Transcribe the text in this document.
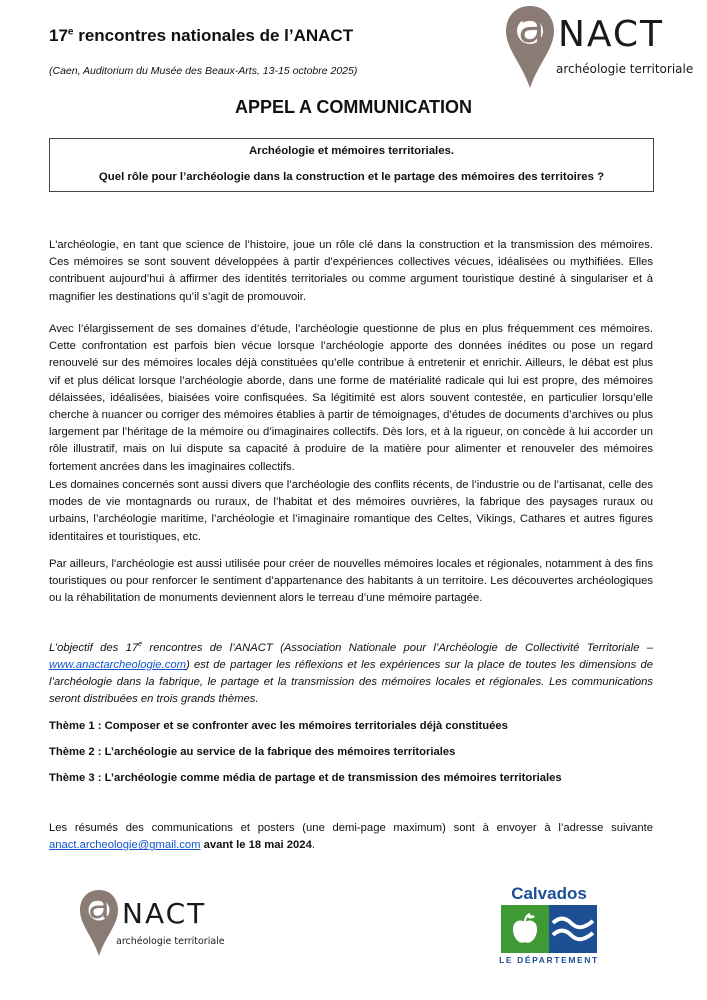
17e rencontres nationales de l’ANACT
(Caen, Auditorium du Musée des Beaux-Arts, 13-15 octobre 2025)
a NACT
archéologie territoriale
APPEL A COMMUNICATION
Archéologie et mémoires territoriales.
Quel rôle pour l’archéologie dans la construction et le partage des mémoires des territoires ?

L'archéologie, en tant que science de l’histoire, joue un rôle clé dans la construction et la transmission des mémoires. Ces mémoires se sont souvent développées à partir d'expériences collectives vécues, idéalisées ou mythifiées. Elles contribuent aujourd’hui à affirmer des identités territoriales ou comme argument touristique destiné à singulariser et à magnifier les destinations qu’il s’agit de promouvoir.

Avec l’élargissement de ses domaines d’étude, l’archéologie questionne de plus en plus fréquemment ces mémoires. Cette confrontation est parfois bien vécue lorsque l’archéologie apporte des données inédites ou pose un regard renouvelé sur des mémoires locales déjà constituées qu’elle contribue à entretenir et enrichir. Ailleurs, le débat est plus vif et plus délicat lorsque l’archéologie aborde, dans une forme de matérialité radicale qui lui est propre, des mémoires délaissées, idéalisées, biaisées voire confisquées. Sa légitimité est alors souvent contestée, en particulier lorsqu’elle cherche à nuancer ou corriger des mémoires établies à partir de témoignages, d’études de documents d’archives ou plus largement par l’héritage de la mémoire ou d’imaginaires collectifs. Dès lors, et à la rigueur, on concède à lui accorder un rôle illustratif, mais on lui dispute sa capacité à produire de la matière pour alimenter et renouveler des mémoires fortement ancrées dans les imaginaires collectifs.

Les domaines concernés sont aussi divers que l’archéologie des conflits récents, de l’industrie ou de l’artisanat, celle des modes de vie montagnards ou ruraux, de l’habitat et des mémoires ouvrières, la fabrique des paysages ruraux ou urbains, l’archéologie maritime, l’archéologie et l’imaginaire romantique des Celtes, Vikings, Cathares et autres figures identitaires et touristiques, etc.

Par ailleurs, l'archéologie est aussi utilisée pour créer de nouvelles mémoires locales et régionales, notamment à des fins touristiques ou pour renforcer le sentiment d’appartenance des habitants à un territoire. Les découvertes archéologiques ou la réhabilitation de monuments deviennent alors le terreau d’une mémoire partagée.

L’objectif des 17e rencontres de l’ANACT (Association Nationale pour l’Archéologie de Collectivité Territoriale – www.anactarcheologie.com) est de partager les réflexions et les expériences sur la place de toutes les dimensions de l’archéologie dans la fabrique, le partage et la transmission des mémoires locales et régionales. Les communications seront distribuées en trois grands thèmes.

Thème 1 : Composer et se confronter avec les mémoires territoriales déjà constituées
Thème 2 : L’archéologie au service de la fabrique des mémoires territoriales
Thème 3 : L’archéologie comme média de partage et de transmission des mémoires territoriales

Les résumés des communications et posters (une demi-page maximum) sont à envoyer à l’adresse suivante anact.archeologie@gmail.com avant le 18 mai 2024.

a NACT
archéologie territoriale
Calvados
LE DÉPARTEMENT
